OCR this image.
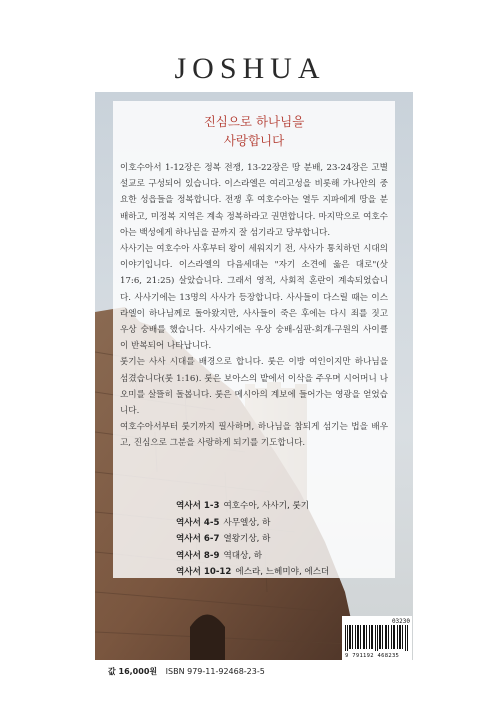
JOSHUA
진심으로 하나님을
사랑합니다

이호수아서 1-12장은 정복 전쟁, 13-22장은 땅 분배, 23-24장은 고별 설교로 구성되어 있습니다. 이스라엘은 여리고성을 비롯해 가나안의 중요한 성읍들을 정복합니다. 전쟁 후 여호수아는 열두 지파에게 땅을 분배하고, 미정복 지역은 계속 정복하라고 권면합니다. 마지막으로 여호수아는 백성에게 하나님을 끝까지 잘 섬기라고 당부합니다.

사사기는 여호수아 사후부터 왕이 세워지기 전, 사사가 통치하던 시대의 이야기입니다. 이스라엘의 다음세대는 "자기 소견에 옳은 대로"(삿 17:6, 21:25) 살았습니다. 그래서 영적, 사회적 혼란이 계속되었습니다. 사사기에는 13명의 사사가 등장합니다. 사사들이 다스릴 때는 이스라엘이 하나님께로 돌아왔지만, 사사들이 죽은 후에는 다시 죄를 짓고 우상 숭배를 했습니다. 사사기에는 우상 숭배-심판-회개-구원의 사이클이 반복되어 나타납니다.

룻기는 사사 시대를 배경으로 합니다. 룻은 이방 여인이지만 하나님을 섬겼습니다(룻 1:16). 룻은 보아스의 밭에서 이삭을 주우며 시어머니 나오미를 살뜰히 돌봅니다. 룻은 메시아의 계보에 들어가는 영광을 얻었습니다.

여호수아서부터 룻기까지 필사하며, 하나님을 참되게 섬기는 법을 배우고, 진심으로 그분을 사랑하게 되기를 기도합니다.

역사서 1-3 여호수아, 사사기, 룻기
역사서 4-5 사무엘상, 하
역사서 6-7 열왕기상, 하
역사서 8-9 역대상, 하
역사서 10-12 에스라, 느헤미야, 에스더
값 16,000원 ISBN 979-11-92468-23-5
03230
9 791192 468235
